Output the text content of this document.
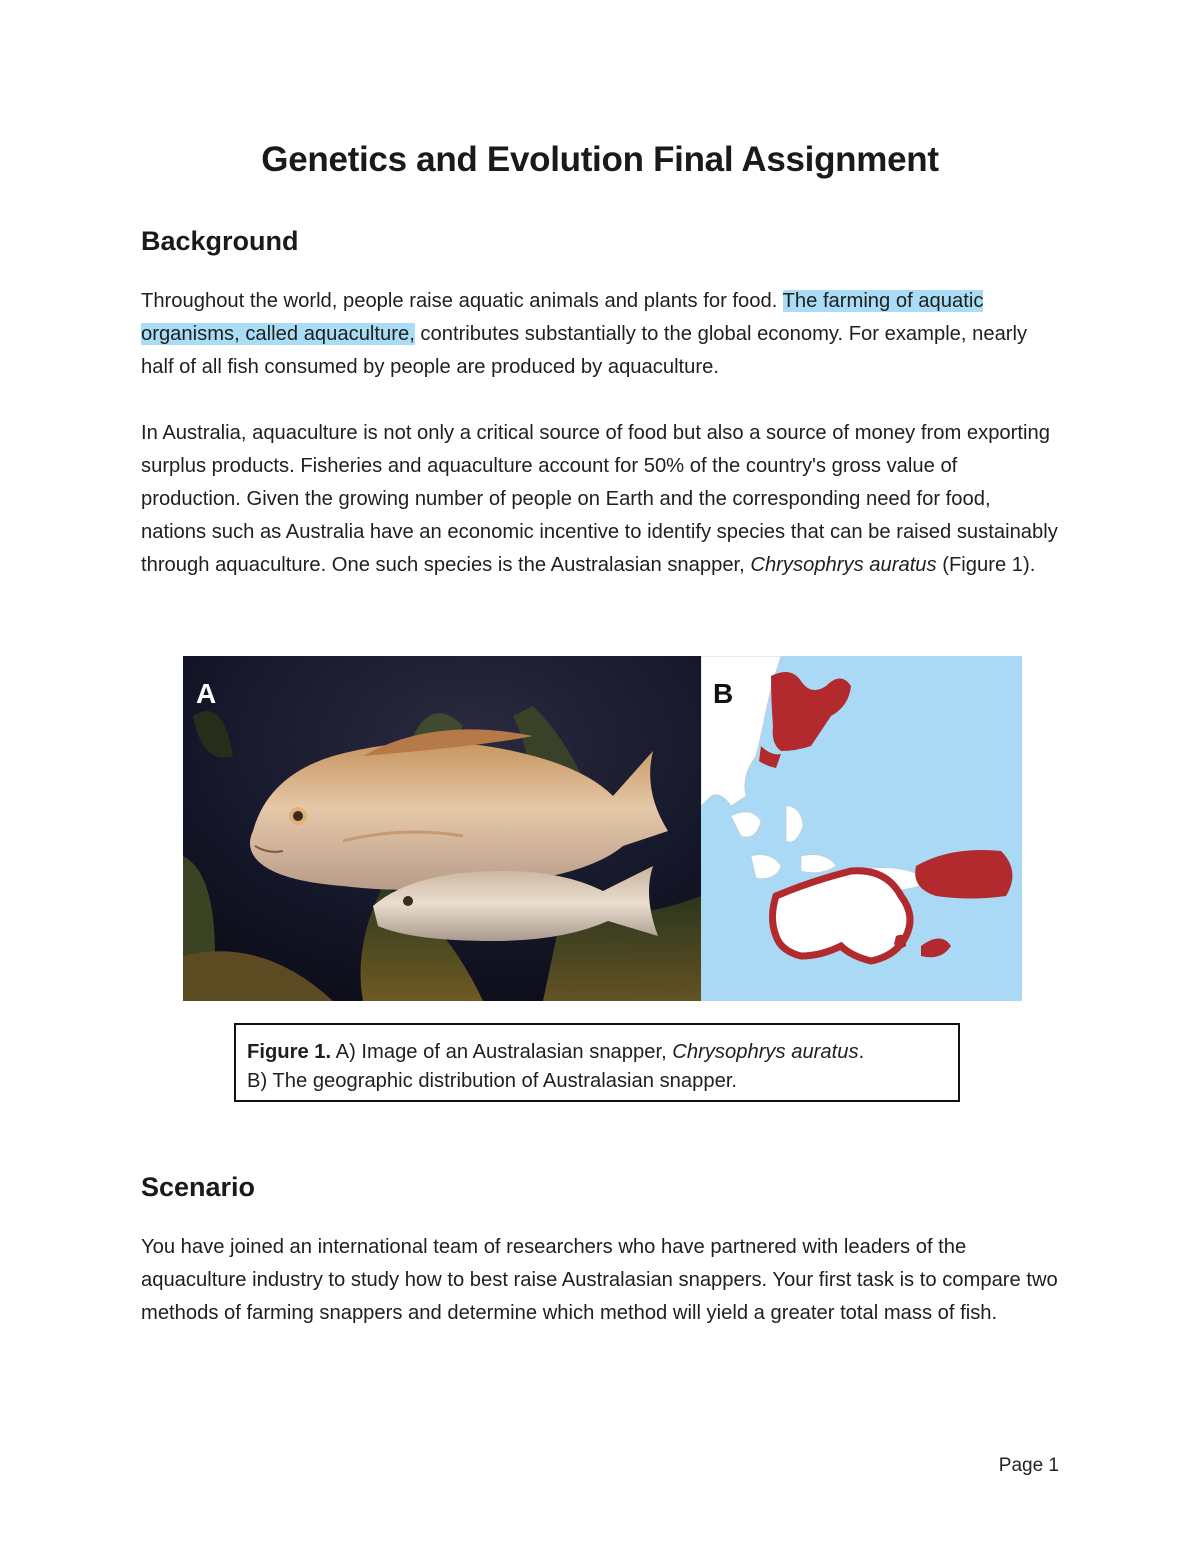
Genetics and Evolution Final Assignment
Background

Throughout the world, people raise aquatic animals and plants for food. The farming of aquatic organisms, called aquaculture, contributes substantially to the global economy. For example, nearly half of all fish consumed by people are produced by aquaculture.

In Australia, aquaculture is not only a critical source of food but also a source of money from exporting surplus products. Fisheries and aquaculture account for 50% of the country's gross value of production. Given the growing number of people on Earth and the corresponding need for food, nations such as Australia have an economic incentive to identify species that can be raised sustainably through aquaculture. One such species is the Australasian snapper, Chrysophrys auratus (Figure 1).

A	B
Figure 1. A) Image of an Australasian snapper, Chrysophrys auratus.
B) The geographic distribution of Australasian snapper.
Scenario

You have joined an international team of researchers who have partnered with leaders of the aquaculture industry to study how to best raise Australasian snappers. Your first task is to compare two methods of farming snappers and determine which method will yield a greater total mass of fish.

Page 1
